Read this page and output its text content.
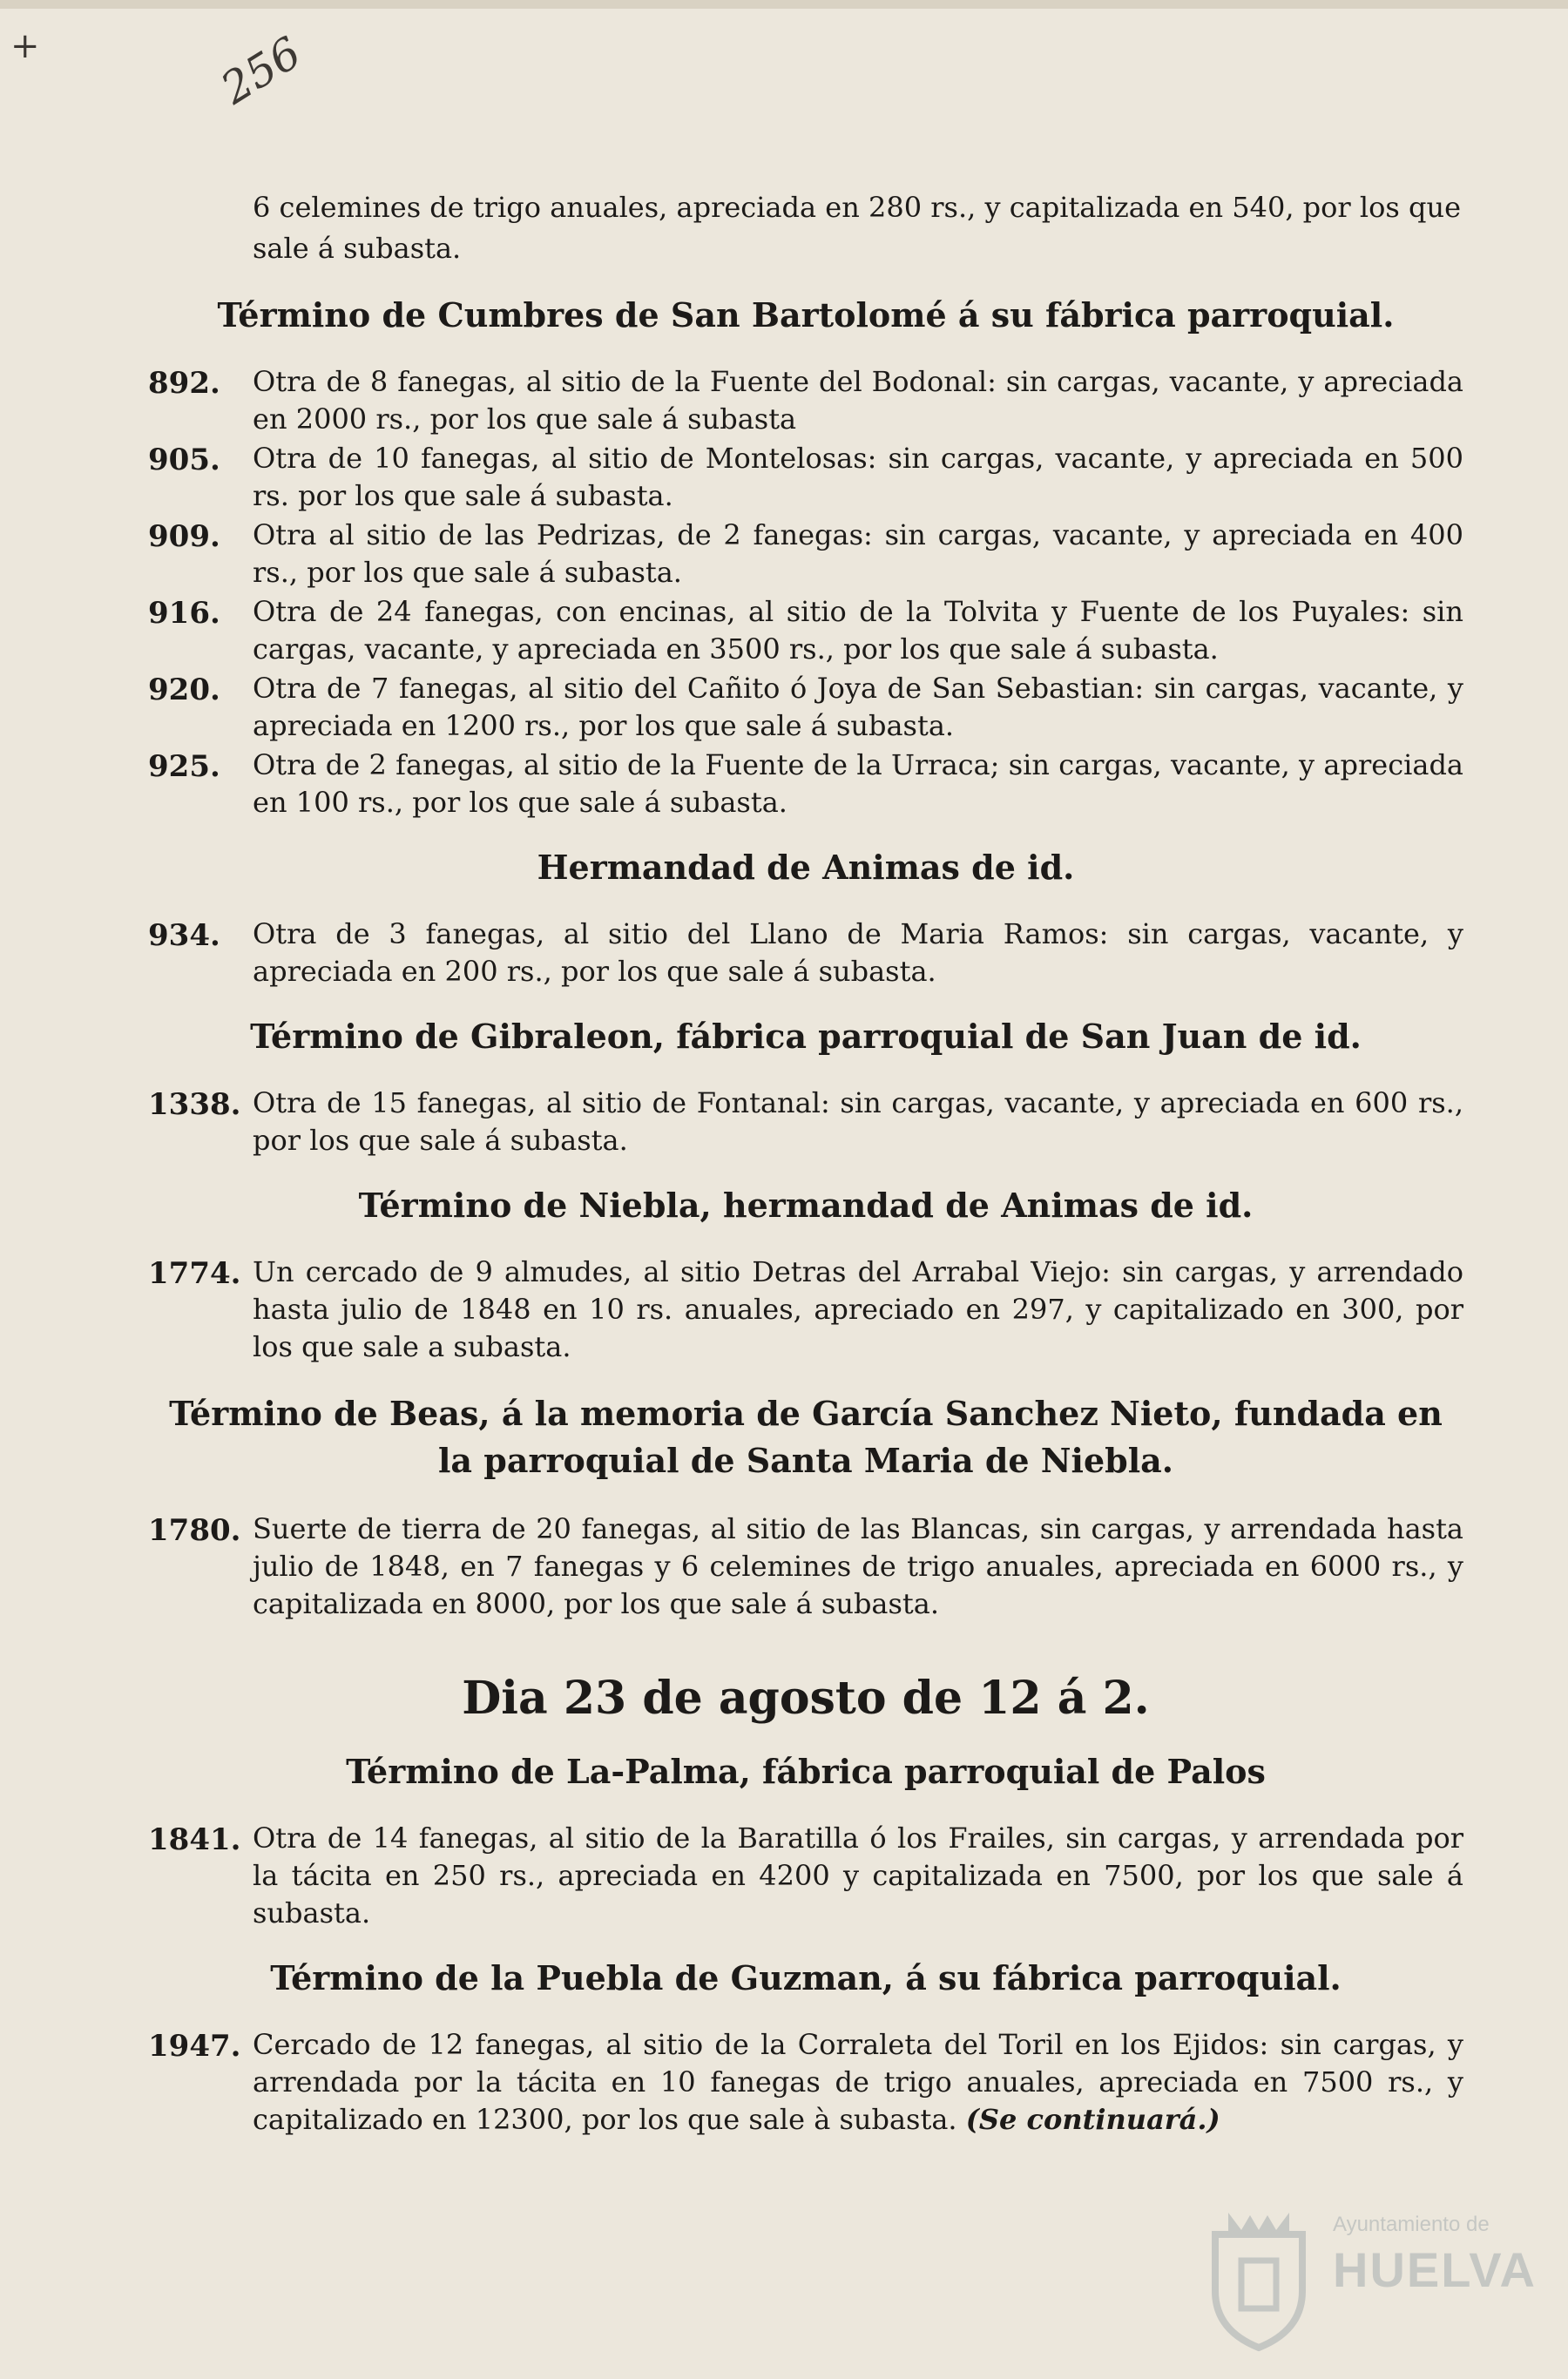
+	256

6 celemines de trigo anuales, apreciada en 280 rs., y capitalizada en 540, por los que sale á subasta.

Término de Cumbres de San Bartolomé á su fábrica parroquial.
892. Otra de 8 fanegas, al sitio de la Fuente del Bodonal: sin cargas, vacante, y apreciada en 2000 rs., por los que sale á subasta
905. Otra de 10 fanegas, al sitio de Montelosas: sin cargas, vacante, y apreciada en 500 rs. por los que sale á subasta.
909. Otra al sitio de las Pedrizas, de 2 fanegas: sin cargas, vacante, y apreciada en 400 rs., por los que sale á subasta.
916. Otra de 24 fanegas, con encinas, al sitio de la Tolvita y Fuente de los Puyales: sin cargas, vacante, y apreciada en 3500 rs., por los que sale á subasta.
920. Otra de 7 fanegas, al sitio del Cañito ó Joya de San Sebastian: sin cargas, vacante, y apreciada en 1200 rs., por los que sale á subasta.
925. Otra de 2 fanegas, al sitio de la Fuente de la Urraca; sin cargas, vacante, y apreciada en 100 rs., por los que sale á subasta.
Hermandad de Animas de id.
934. Otra de 3 fanegas, al sitio del Llano de Maria Ramos: sin cargas, vacante, y apreciada en 200 rs., por los que sale á subasta.
Término de Gibraleon, fábrica parroquial de San Juan de id.
1338. Otra de 15 fanegas, al sitio de Fontanal: sin cargas, vacante, y apreciada en 600 rs., por los que sale á subasta.
Término de Niebla, hermandad de Animas de id.
1774. Un cercado de 9 almudes, al sitio Detras del Arrabal Viejo: sin cargas, y arrendado hasta julio de 1848 en 10 rs. anuales, apreciado en 297, y capitalizado en 300, por los que sale a subasta.
Término de Beas, á la memoria de García Sanchez Nieto, fundada en la parroquial de Santa Maria de Niebla.
1780. Suerte de tierra de 20 fanegas, al sitio de las Blancas, sin cargas, y arrendada hasta julio de 1848, en 7 fanegas y 6 celemines de trigo anuales, apreciada en 6000 rs., y capitalizada en 8000, por los que sale á subasta.
Dia 23 de agosto de 12 á 2.
Término de La-Palma, fábrica parroquial de Palos
1841. Otra de 14 fanegas, al sitio de la Baratilla ó los Frailes, sin cargas, y arrendada por la tácita en 250 rs., apreciada en 4200 y capitalizada en 7500, por los que sale á subasta.
Término de la Puebla de Guzman, á su fábrica parroquial.
1947. Cercado de 12 fanegas, al sitio de la Corraleta del Toril en los Ejidos: sin cargas, y arrendada por la tácita en 10 fanegas de trigo anuales, apreciada en 7500 rs., y capitalizado en 12300, por los que sale à subasta. (Se continuará.)
Ayuntamiento de
HUELVA
